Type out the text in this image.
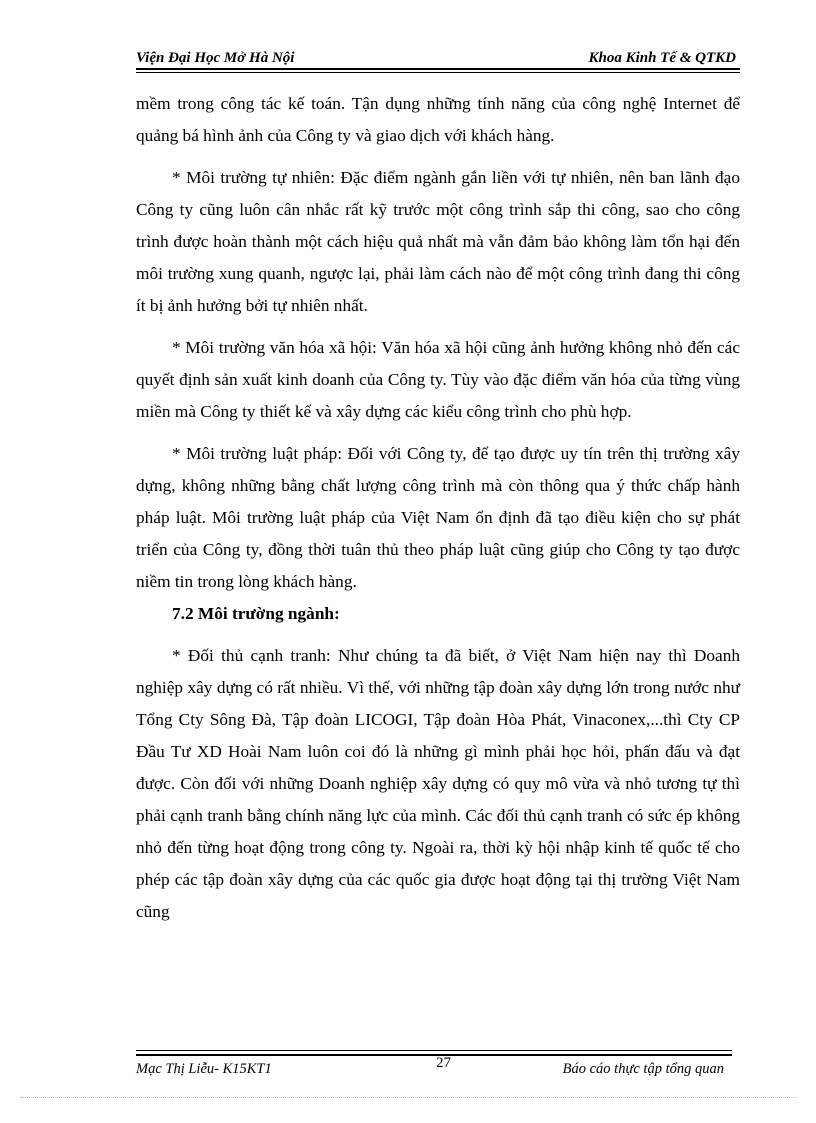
Viện Đại Học Mở Hà Nội	Khoa Kinh Tế & QTKD

mềm trong công tác kế toán. Tận dụng những tính năng của công nghệ Internet để quảng bá hình ảnh của Công ty và giao dịch với khách hàng.

* Môi trường tự nhiên: Đặc điểm ngành gắn liền với tự nhiên, nên ban lãnh đạo Công ty cũng luôn cân nhắc rất kỹ trước một công trình sắp thi công, sao cho công trình được hoàn thành một cách hiệu quả nhất mà vẫn đảm bảo không làm tổn hại đến môi trường xung quanh, ngược lại, phải làm cách nào để một công trình đang thi công ít bị ảnh hưởng bởi tự nhiên nhất.

* Môi trường văn hóa xã hội: Văn hóa xã hội cũng ảnh hưởng không nhỏ đến các quyết định sản xuất kinh doanh của Công ty. Tùy vào đặc điểm văn hóa của từng vùng miền mà Công ty thiết kế và xây dựng các kiểu công trình cho phù hợp.

* Môi trường luật pháp: Đối với Công ty, để tạo được uy tín trên thị trường xây dựng, không những bằng chất lượng công trình mà còn thông qua ý thức chấp hành pháp luật. Môi trường luật pháp của Việt Nam ổn định đã tạo điều kiện cho sự phát triển của Công ty, đồng thời tuân thủ theo pháp luật cũng giúp cho Công ty tạo được niềm tin trong lòng khách hàng.

7.2 Môi trường ngành:

* Đối thủ cạnh tranh: Như chúng ta đã biết, ở Việt Nam hiện nay thì Doanh nghiệp xây dựng có rất nhiều. Vì thế, với những tập đoàn xây dựng lớn trong nước như Tổng Cty Sông Đà, Tập đoàn LICOGI, Tập đoàn Hòa Phát, Vinaconex,...thì Cty CP Đầu Tư XD Hoài Nam luôn coi đó là những gì mình phải học hỏi, phấn đấu và đạt được. Còn đối với những Doanh nghiệp xây dựng có quy mô vừa và nhỏ tương tự thì phải cạnh tranh bằng chính năng lực của mình. Các đối thủ cạnh tranh có sức ép không nhỏ đến từng hoạt động trong công ty. Ngoài ra, thời kỳ hội nhập kinh tế quốc tế cho phép các tập đoàn xây dựng của các quốc gia được hoạt động tại thị trường Việt Nam cũng

Mạc Thị Liễu- K15KT1	27	Báo cáo thực tập tổng quan
